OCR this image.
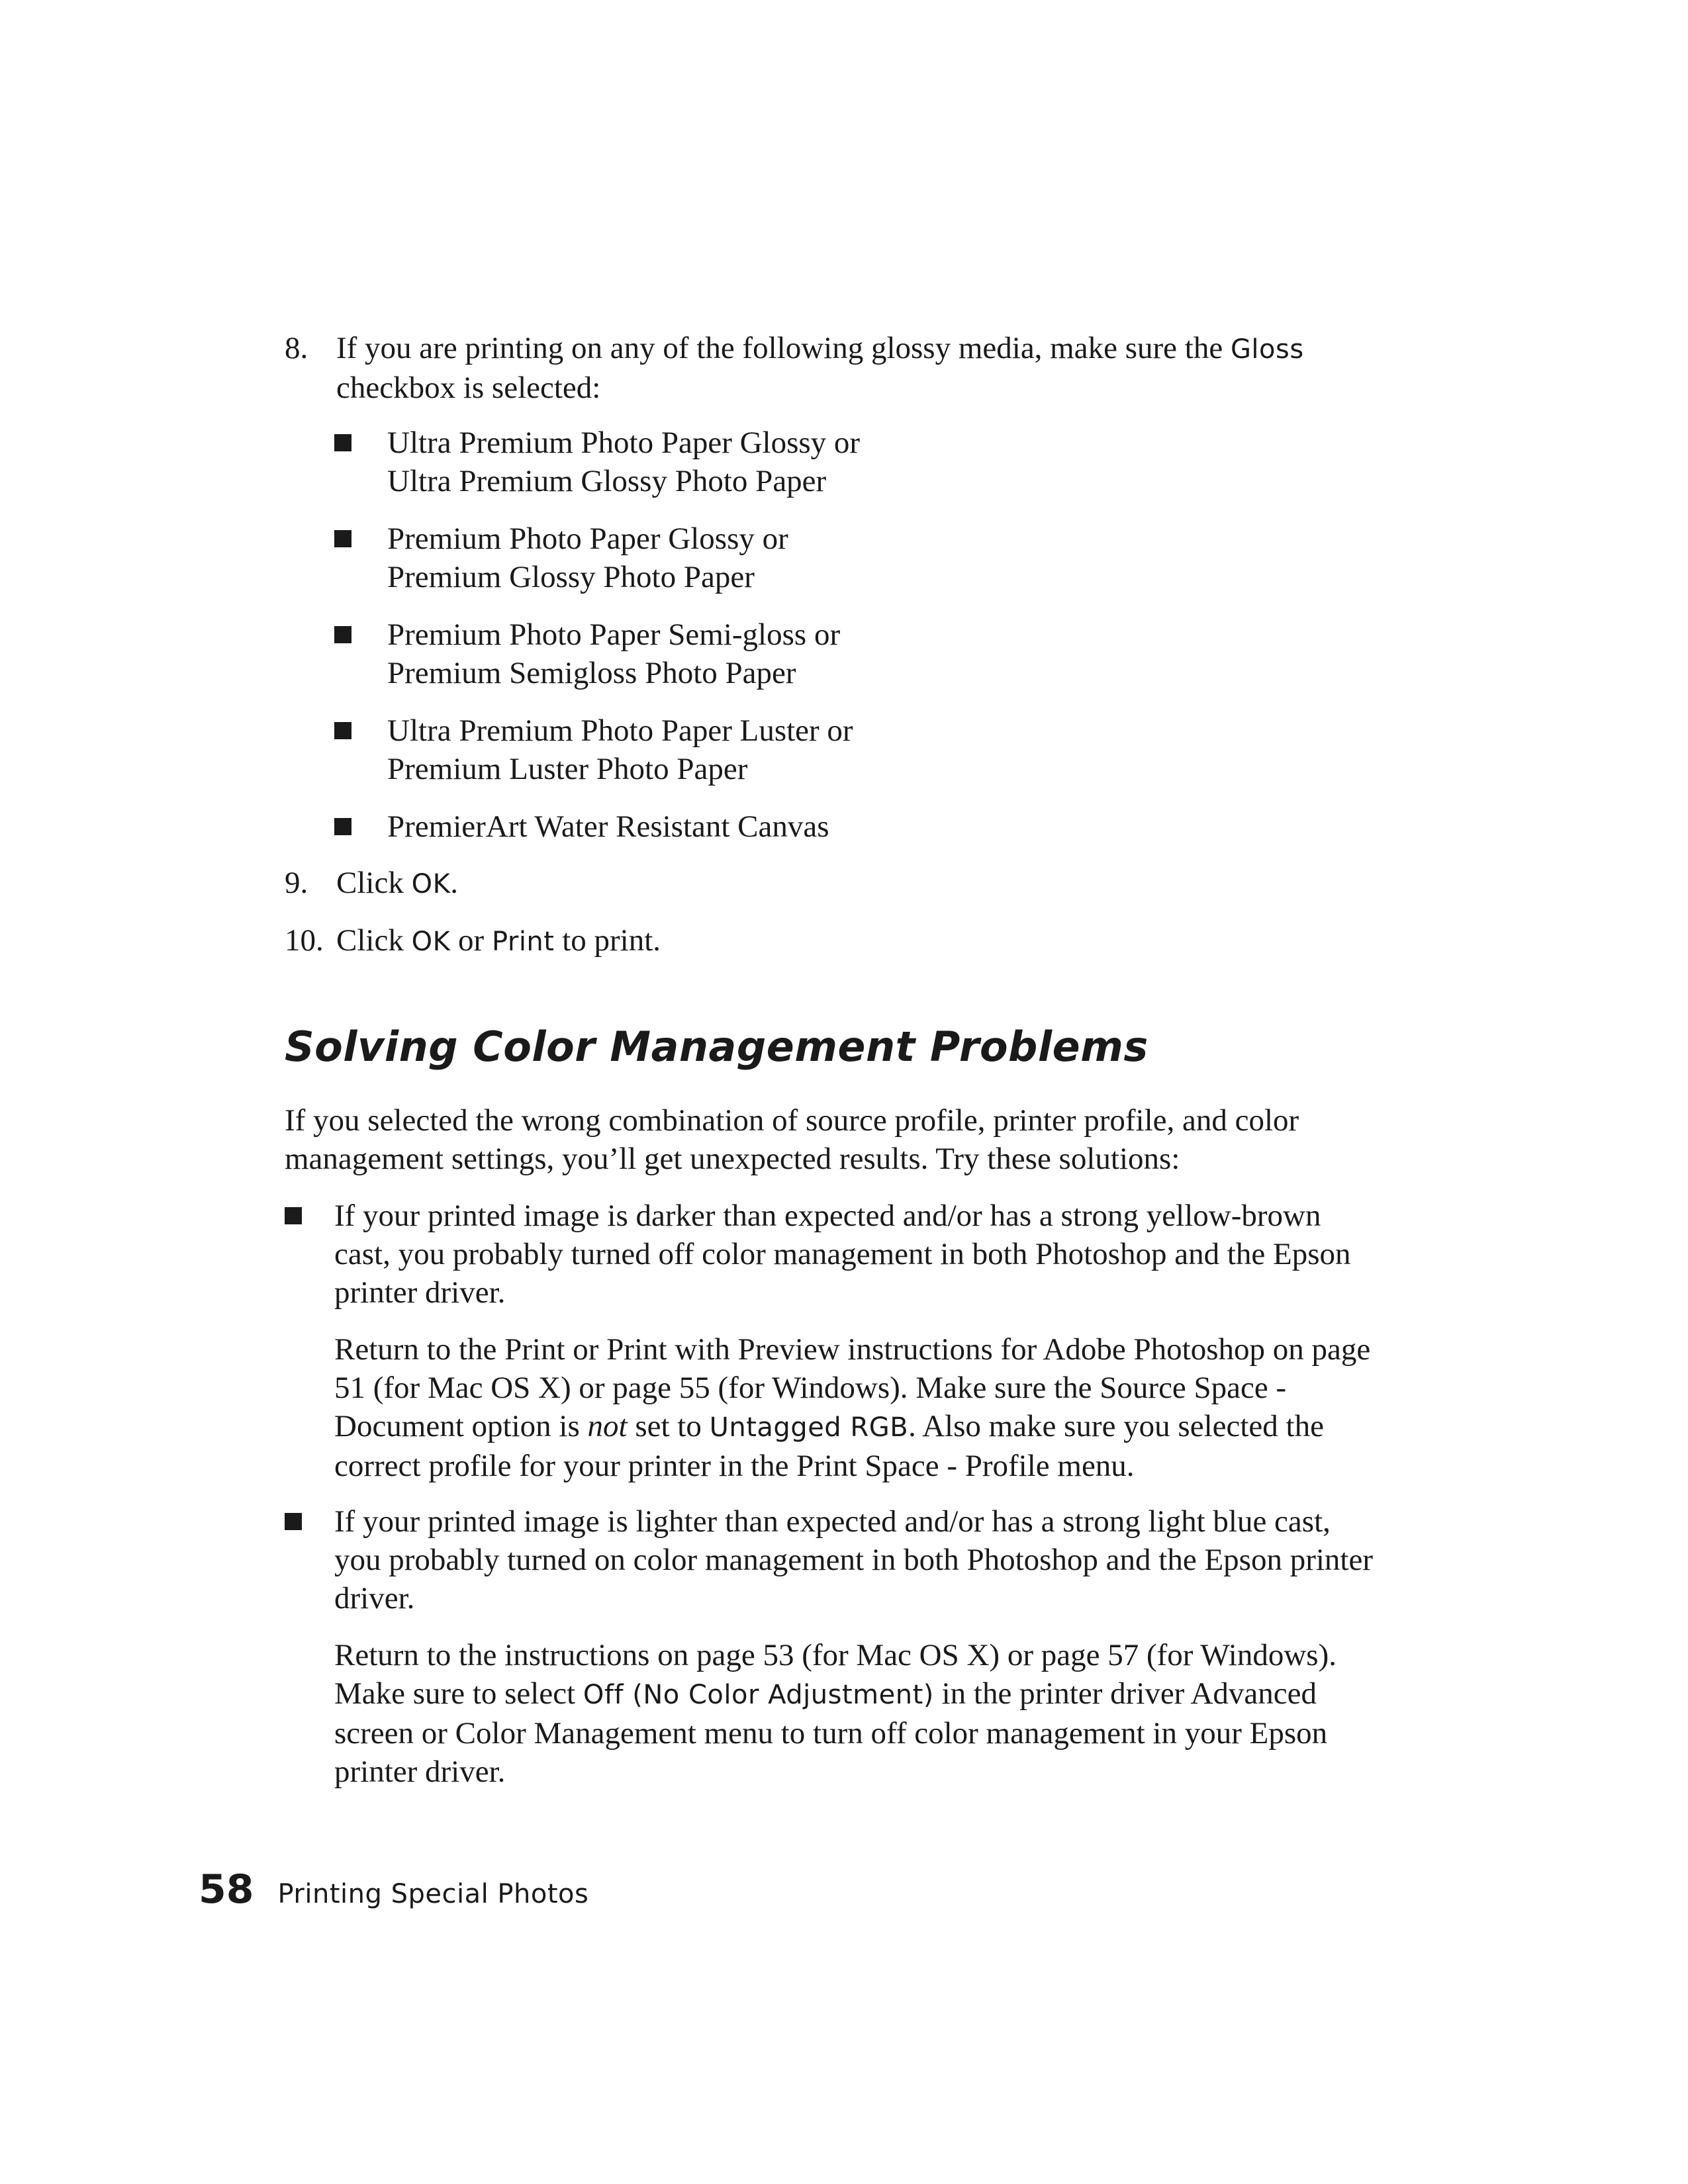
8. If you are printing on any of the following glossy media, make sure the Gloss checkbox is selected:
Ultra Premium Photo Paper Glossy or
Ultra Premium Glossy Photo Paper
Premium Photo Paper Glossy or
Premium Glossy Photo Paper
Premium Photo Paper Semi-gloss or
Premium Semigloss Photo Paper
Ultra Premium Photo Paper Luster or
Premium Luster Photo Paper
PremierArt Water Resistant Canvas
9. Click OK.
10. Click OK or Print to print.
Solving Color Management Problems
If you selected the wrong combination of source profile, printer profile, and color management settings, you’ll get unexpected results. Try these solutions:
If your printed image is darker than expected and/or has a strong yellow-brown cast, you probably turned off color management in both Photoshop and the Epson printer driver.
Return to the Print or Print with Preview instructions for Adobe Photoshop on page 51 (for Mac OS X) or page 55 (for Windows). Make sure the Source Space - Document option is not set to Untagged RGB. Also make sure you selected the correct profile for your printer in the Print Space - Profile menu.
If your printed image is lighter than expected and/or has a strong light blue cast, you probably turned on color management in both Photoshop and the Epson printer driver.
Return to the instructions on page 53 (for Mac OS X) or page 57 (for Windows). Make sure to select Off (No Color Adjustment) in the printer driver Advanced screen or Color Management menu to turn off color management in your Epson printer driver.
58 Printing Special Photos
